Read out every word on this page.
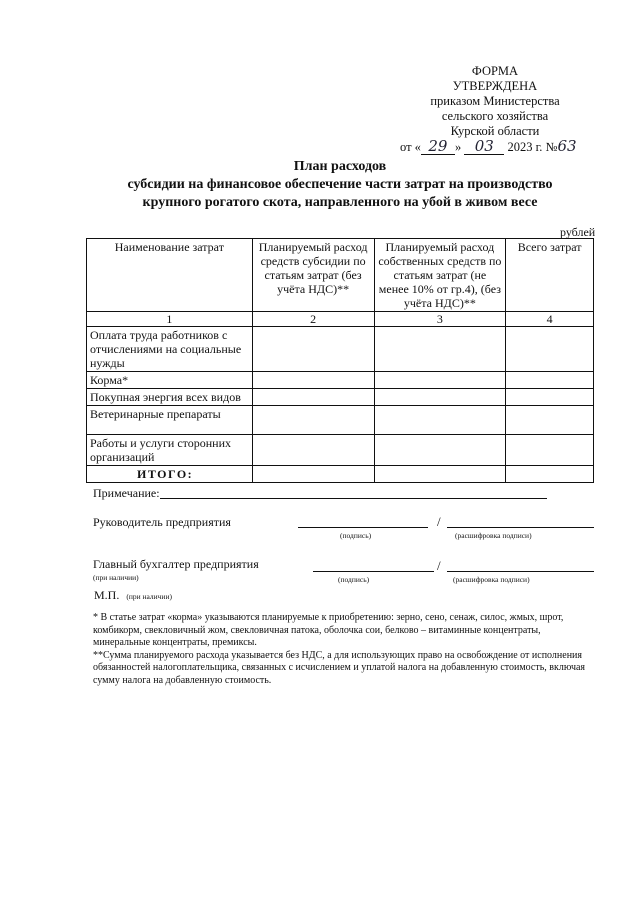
ФОРМА
УТВЕРЖДЕНА
приказом Министерства
сельского хозяйства
Курской области
от « 29 » 03 2023 г. №63
План расходов
субсидии на финансовое обеспечение части затрат на производство
крупного рогатого скота, направленного на убой в живом весе
рублей
Наименование затрат	Планируемый расход средств субсидии по статьям затрат (без учёта НДС)**	Планируемый расход собственных средств по статьям затрат (не менее 10% от гр.4), (без учёта НДС)**	Всего затрат
1	2	3	4
Оплата труда работников с отчислениями на социальные нужды			
Корма*			
Покупная энергия всех видов			
Ветеринарные препараты			
Работы и услуги сторонних организаций			
ИТОГО:			
Примечание:
Руководитель предприятия	/
(подпись)	(расшифровка подписи)
Главный бухгалтер предприятия
(при наличии)
/
(подпись)	(расшифровка подписи)
М.П. (при наличии)

* В статье затрат «корма» указываются планируемые к приобретению: зерно, сено, сенаж, силос, жмых, шрот, комбикорм, свекловичный жом, свекловичная патока, оболочка сои, белково – витаминные концентраты, минеральные концентраты, премиксы.

**Сумма планируемого расхода указывается без НДС, а для использующих право на освобождение от исполнения обязанностей налогоплательщика, связанных с исчислением и уплатой налога на добавленную стоимость, включая сумму налога на добавленную стоимость.
